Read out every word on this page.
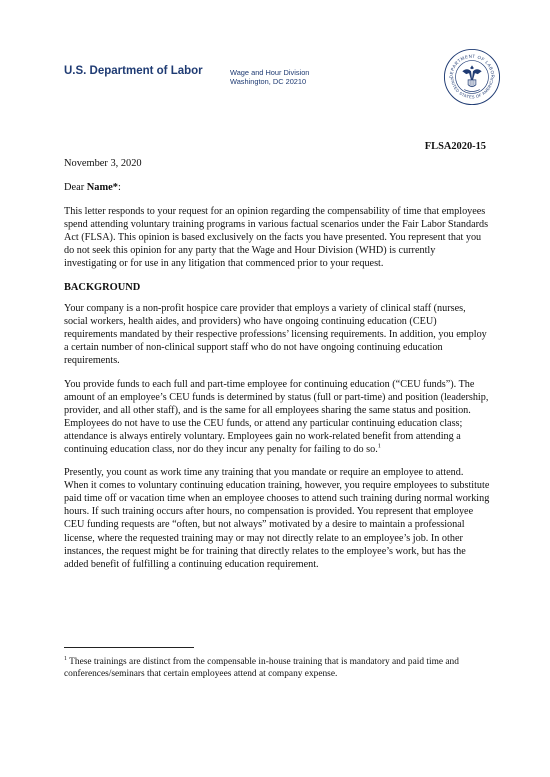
U.S. Department of Labor	Wage and Hour Division
Washington, DC 20210
DEPARTMENT OF LABOR
UNITED STATES OF AMERICA
FLSA2020-15
November 3, 2020
Dear Name*:

This letter responds to your request for an opinion regarding the compensability of time that employees spend attending voluntary training programs in various factual scenarios under the Fair Labor Standards Act (FLSA). This opinion is based exclusively on the facts you have presented. You represent that you do not seek this opinion for any party that the Wage and Hour Division (WHD) is currently investigating or for use in any litigation that commenced prior to your request.

BACKGROUND

Your company is a non-profit hospice care provider that employs a variety of clinical staff (nurses, social workers, health aides, and providers) who have ongoing continuing education (CEU) requirements mandated by their respective professions’ licensing requirements. In addition, you employ a certain number of non-clinical support staff who do not have ongoing continuing education requirements.

You provide funds to each full and part-time employee for continuing education (“CEU funds”). The amount of an employee’s CEU funds is determined by status (full or part-time) and position (leadership, provider, and all other staff), and is the same for all employees sharing the same status and position. Employees do not have to use the CEU funds, or attend any particular continuing education class; attendance is always entirely voluntary. Employees gain no work-related benefit from attending a continuing education class, nor do they incur any penalty for failing to do so.$^1$

Presently, you count as work time any training that you mandate or require an employee to attend. When it comes to voluntary continuing education training, however, you require employees to substitute paid time off or vacation time when an employee chooses to attend such training during normal working hours. If such training occurs after hours, no compensation is provided. You represent that employee CEU funding requests are “often, but not always” motivated by a desire to maintain a professional license, where the requested training may or may not directly relate to an employee’s job. In other instances, the request might be for training that directly relates to the employee’s work, but has the added benefit of fulfilling a continuing education requirement.

$^1$ These trainings are distinct from the compensable in-house training that is mandatory and paid time and conferences/seminars that certain employees attend at company expense.
